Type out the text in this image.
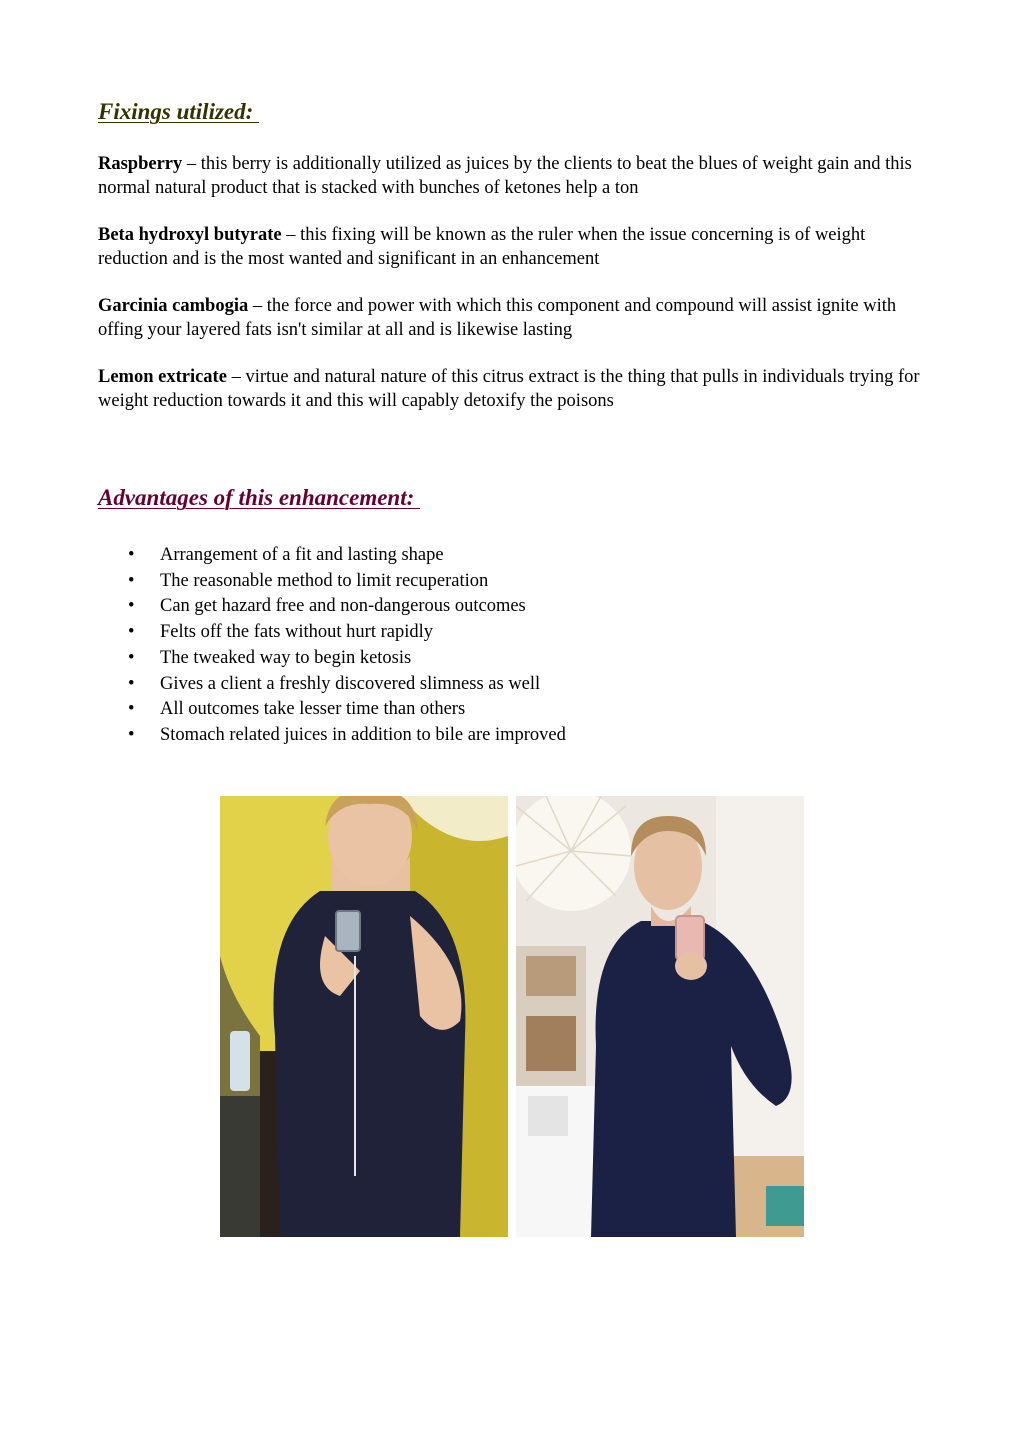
Fixings utilized:

Raspberry – this berry is additionally utilized as juices by the clients to beat the blues of weight gain and this normal natural product that is stacked with bunches of ketones help a ton

Beta hydroxyl butyrate – this fixing will be known as the ruler when the issue concerning is of weight reduction and is the most wanted and significant in an enhancement

Garcinia cambogia – the force and power with which this component and compound will assist ignite with offing your layered fats isn't similar at all and is likewise lasting

Lemon extricate – virtue and natural nature of this citrus extract is the thing that pulls in individuals trying for weight reduction towards it and this will capably detoxify the poisons

Advantages of this enhancement:
• Arrangement of a fit and lasting shape
• The reasonable method to limit recuperation
• Can get hazard free and non-dangerous outcomes
• Felts off the fats without hurt rapidly
• The tweaked way to begin ketosis
• Gives a client a freshly discovered slimness as well
• All outcomes take lesser time than others
• Stomach related juices in addition to bile are improved
